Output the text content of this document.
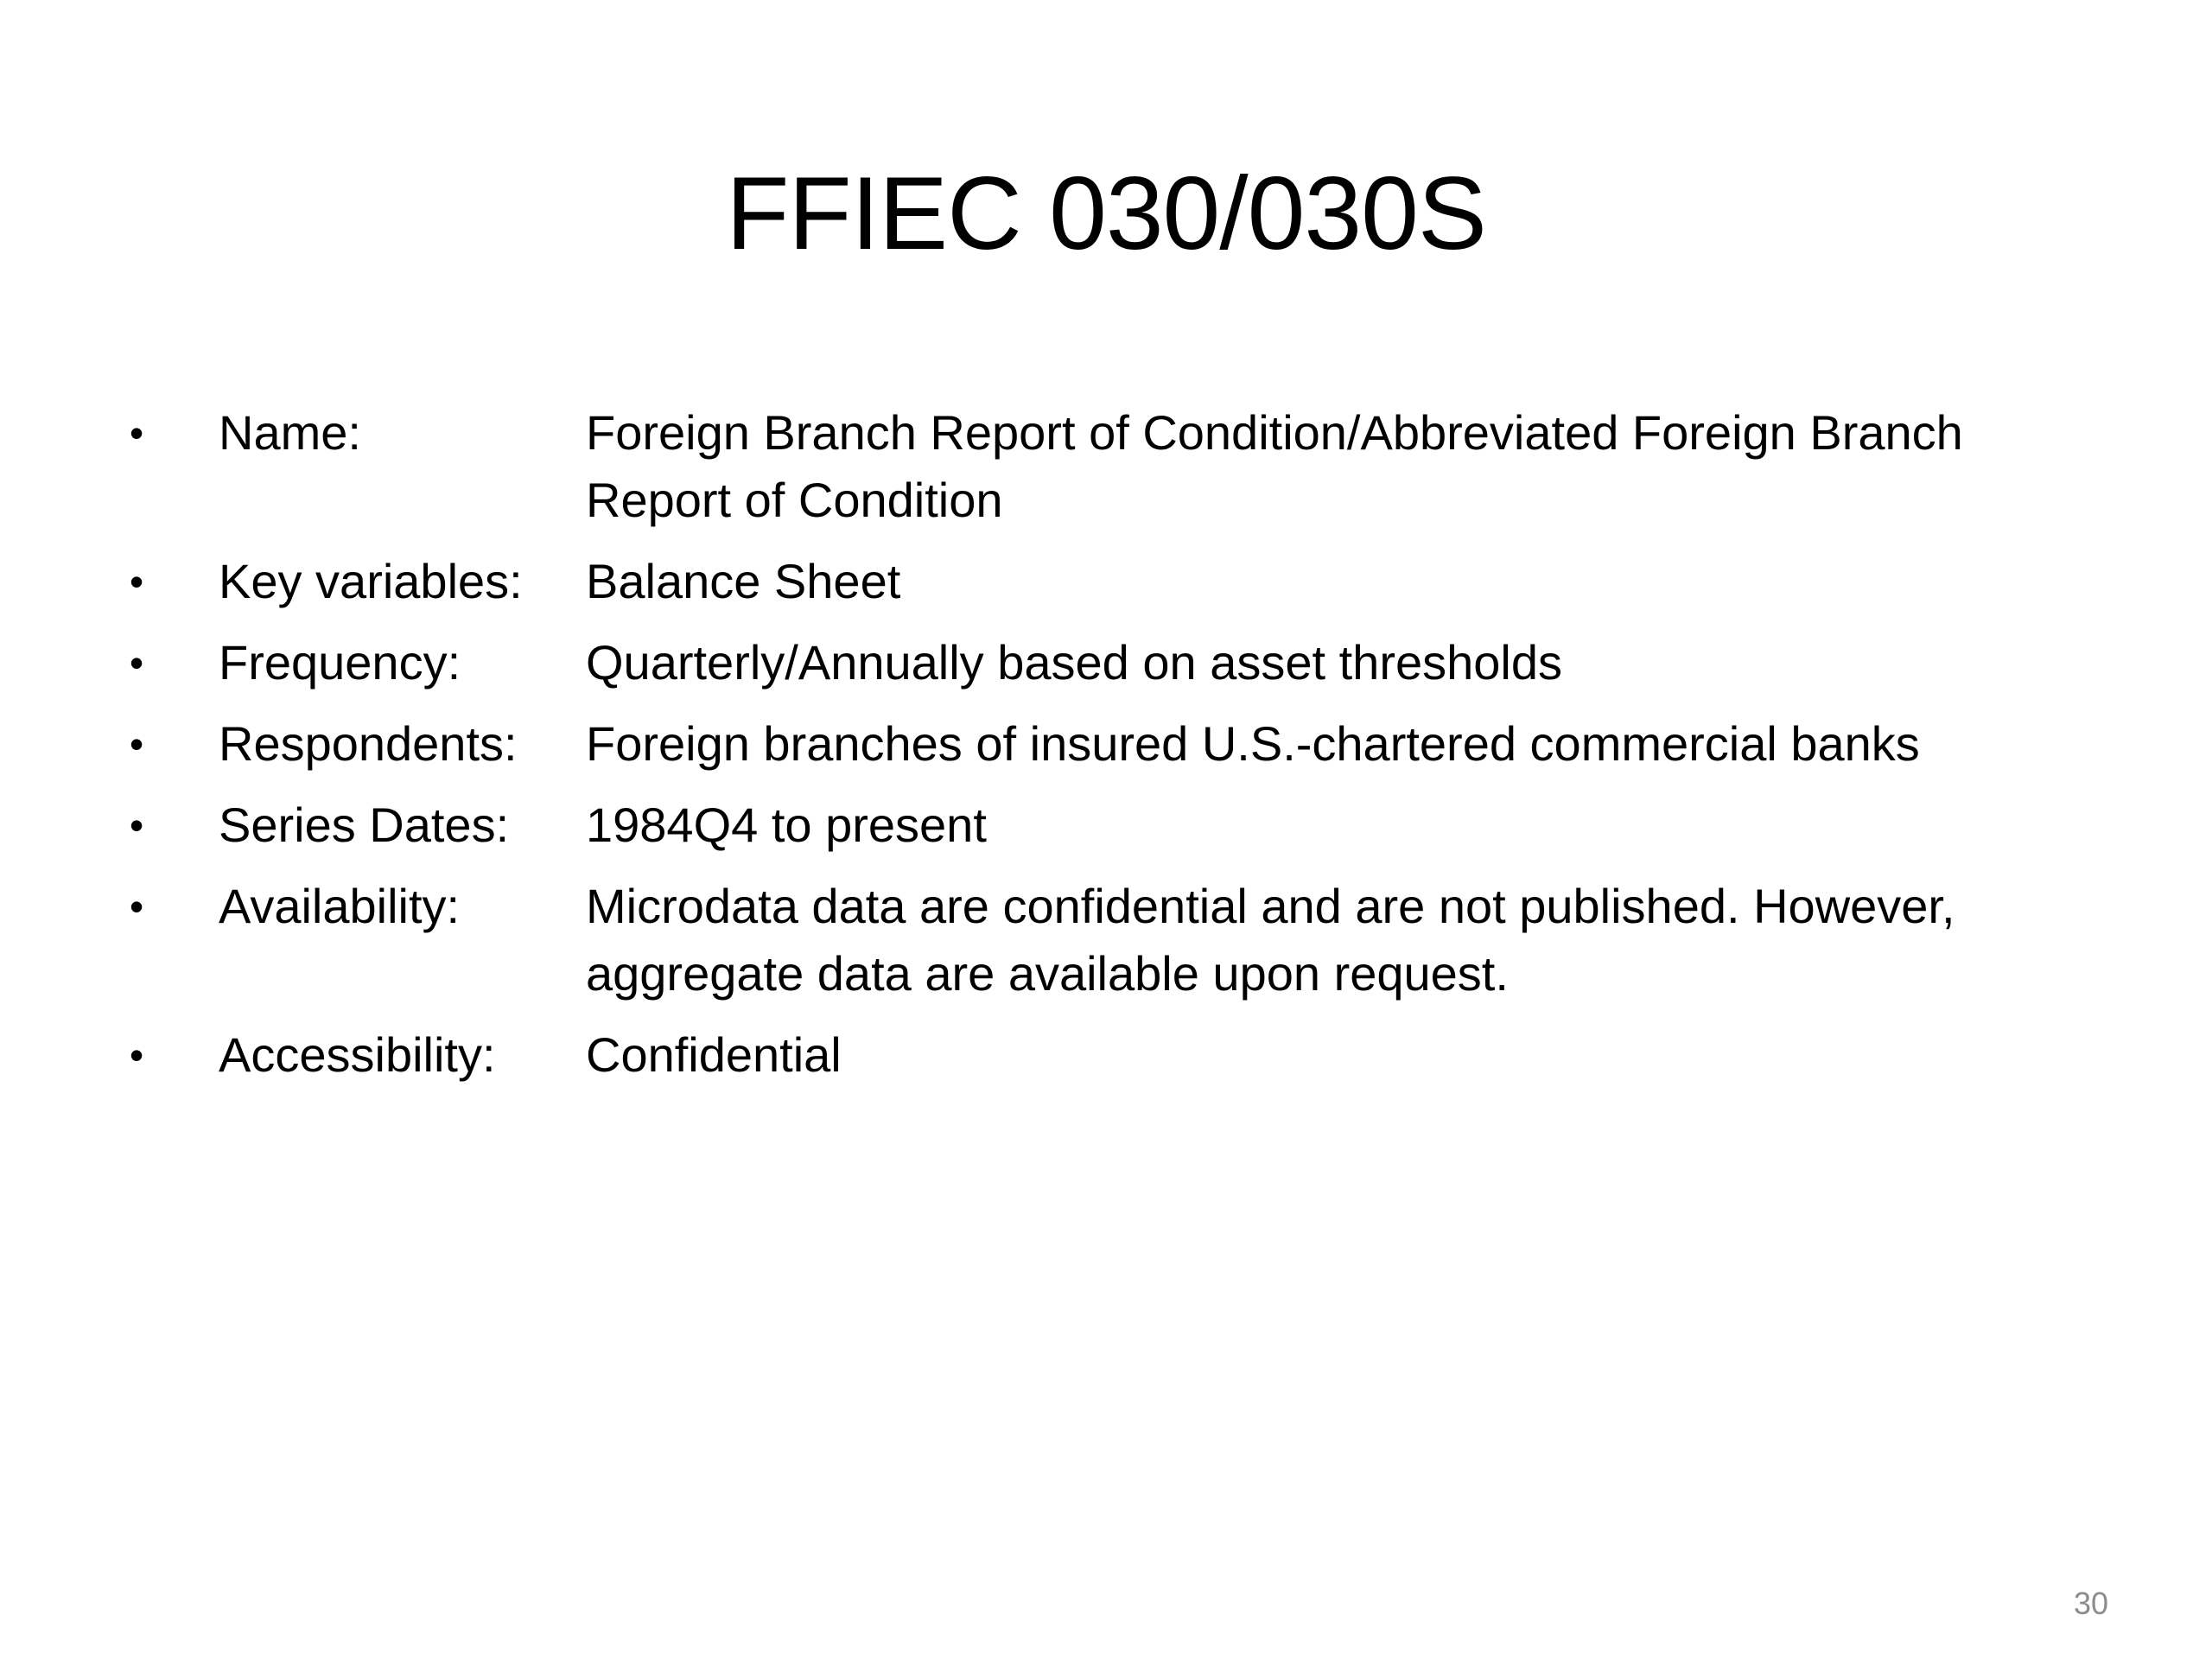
FFIEC 030/030S
•	Name:	Foreign Branch Report of Condition/Abbreviated Foreign Branch Report of Condition
•	Key variables: Balance Sheet
•	Frequency:	Quarterly/Annually based on asset thresholds
•	Respondents: Foreign branches of insured U.S.-chartered commercial banks
•	Series Dates: 1984Q4 to present
•	Availability:	Microdata data are confidential and are not published. However, aggregate data are available upon request.
•	Accessibility: Confidential
30
